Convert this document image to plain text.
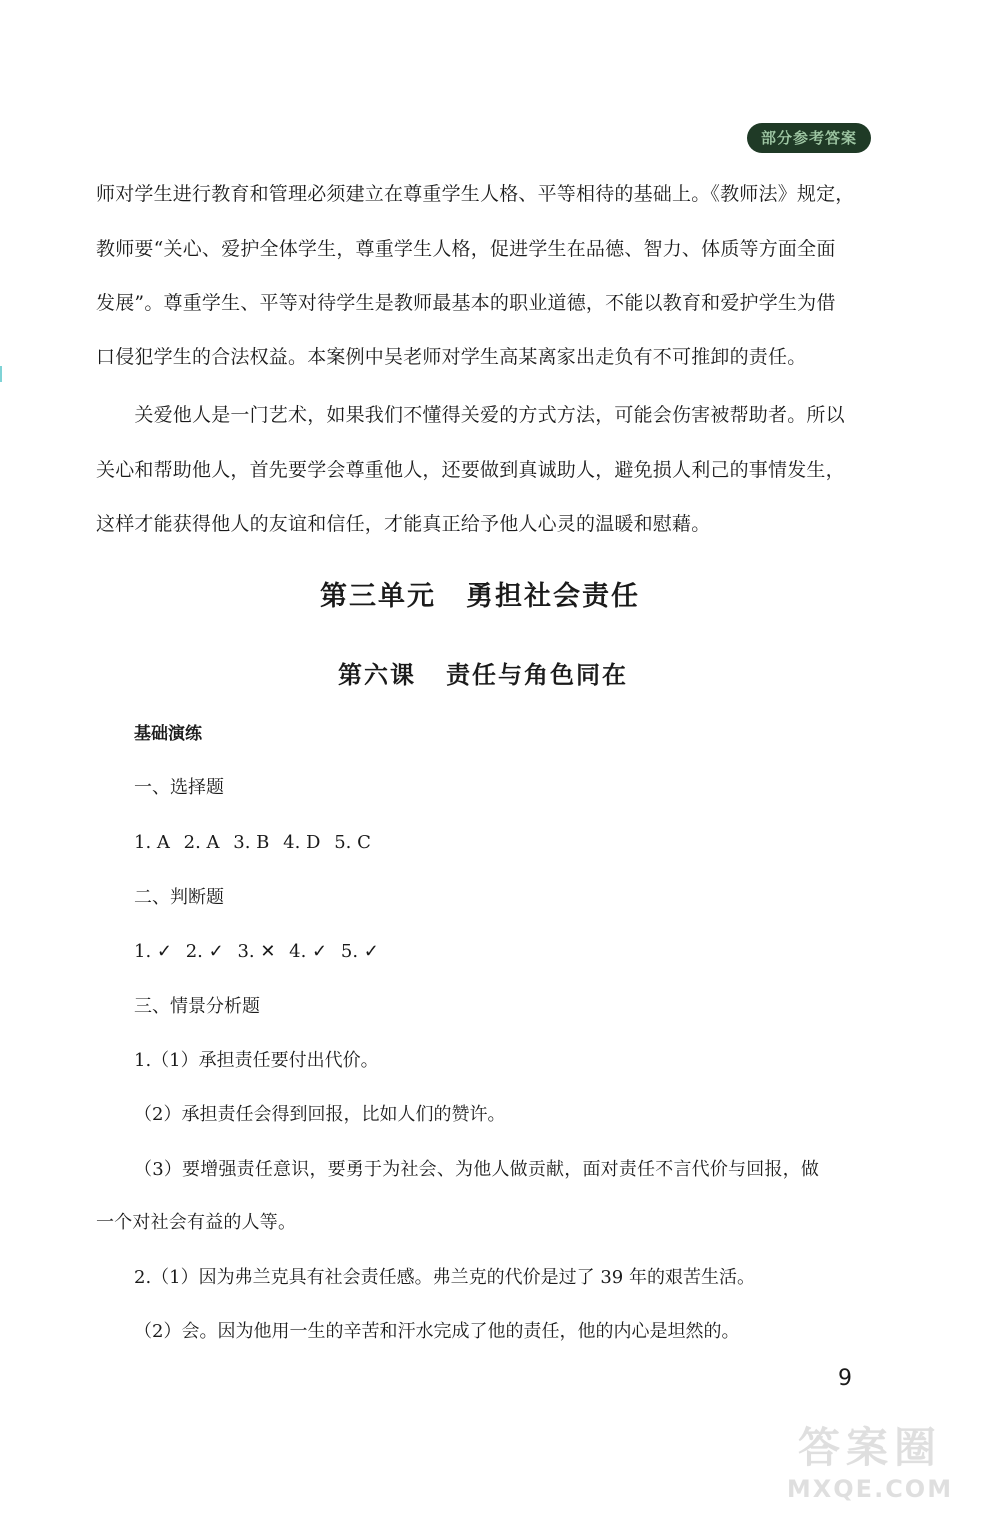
部分参考答案
师对学生进行教育和管理必须建立在尊重学生人格、平等相待的基础上。《教师法》规定，
教师要“关心、爱护全体学生，尊重学生人格，促进学生在品德、智力、体质等方面全面
发展”。尊重学生、平等对待学生是教师最基本的职业道德，不能以教育和爱护学生为借
口侵犯学生的合法权益。本案例中吴老师对学生高某离家出走负有不可推卸的责任。
　　关爱他人是一门艺术，如果我们不懂得关爱的方式方法，可能会伤害被帮助者。所以
关心和帮助他人，首先要学会尊重他人，还要做到真诚助人，避免损人利己的事情发生，
这样才能获得他人的友谊和信任，才能真正给予他人心灵的温暖和慰藉。
第三单元 勇担社会责任
第六课 责任与角色同在
基础演练
一、选择题
1. A 2. A 3. B 4. D 5. C
二、判断题
1. ✓ 2. ✓ 3. ✕ 4. ✓ 5. ✓
三、情景分析题
1.（1）承担责任要付出代价。
（2）承担责任会得到回报，比如人们的赞许。
（3）要增强责任意识，要勇于为社会、为他人做贡献，面对责任不言代价与回报，做
一个对社会有益的人等。
2.（1）因为弗兰克具有社会责任感。弗兰克的代价是过了 39 年的艰苦生活。
（2）会。因为他用一生的辛苦和汗水完成了他的责任，他的内心是坦然的。
9
答案圈
MXQE.COM
